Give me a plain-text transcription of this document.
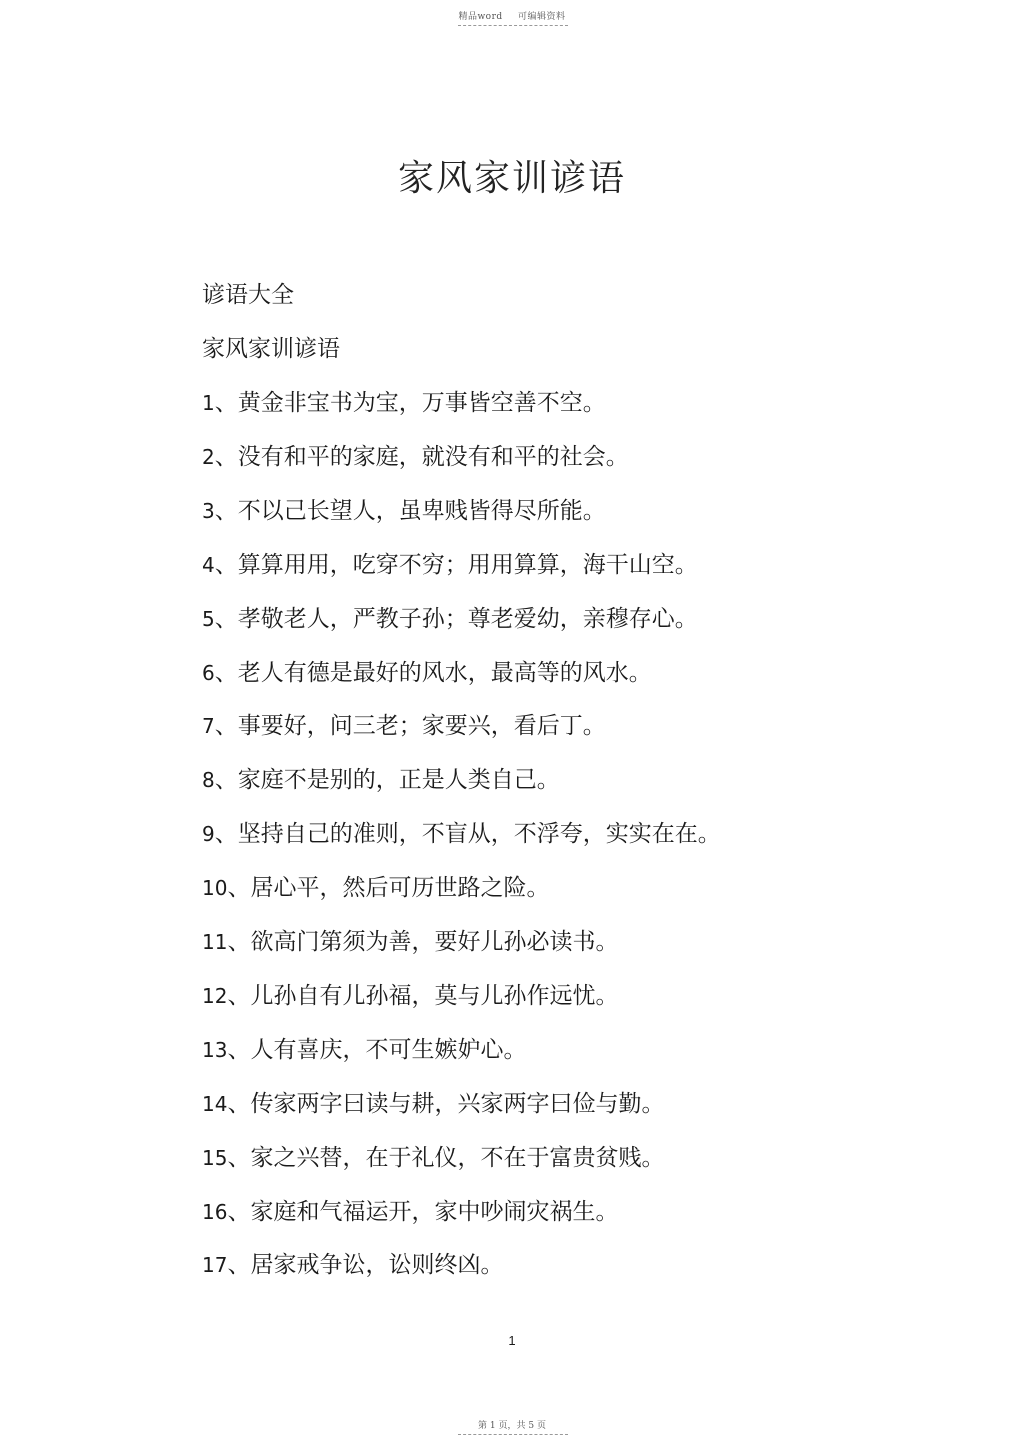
精品word 可编辑资料
家风家训谚语
谚语大全
家风家训谚语
1、黄金非宝书为宝，万事皆空善不空。
2、没有和平的家庭，就没有和平的社会。
3、不以己长望人，虽卑贱皆得尽所能。
4、算算用用，吃穿不穷；用用算算，海干山空。
5、孝敬老人，严教子孙；尊老爱幼，亲穆存心。
6、老人有德是最好的风水，最高等的风水。
7、事要好，问三老；家要兴，看后丁。
8、家庭不是别的，正是人类自己。
9、坚持自己的准则，不盲从，不浮夸，实实在在。
10、居心平，然后可历世路之险。
11、欲高门第须为善，要好儿孙必读书。
12、儿孙自有儿孙福，莫与儿孙作远忧。
13、人有喜庆，不可生嫉妒心。
14、传家两字曰读与耕，兴家两字曰俭与勤。
15、家之兴替，在于礼仪，不在于富贵贫贱。
16、家庭和气福运开，家中吵闹灾祸生。
17、居家戒争讼，讼则终凶。
1
第 1 页，共 5 页
